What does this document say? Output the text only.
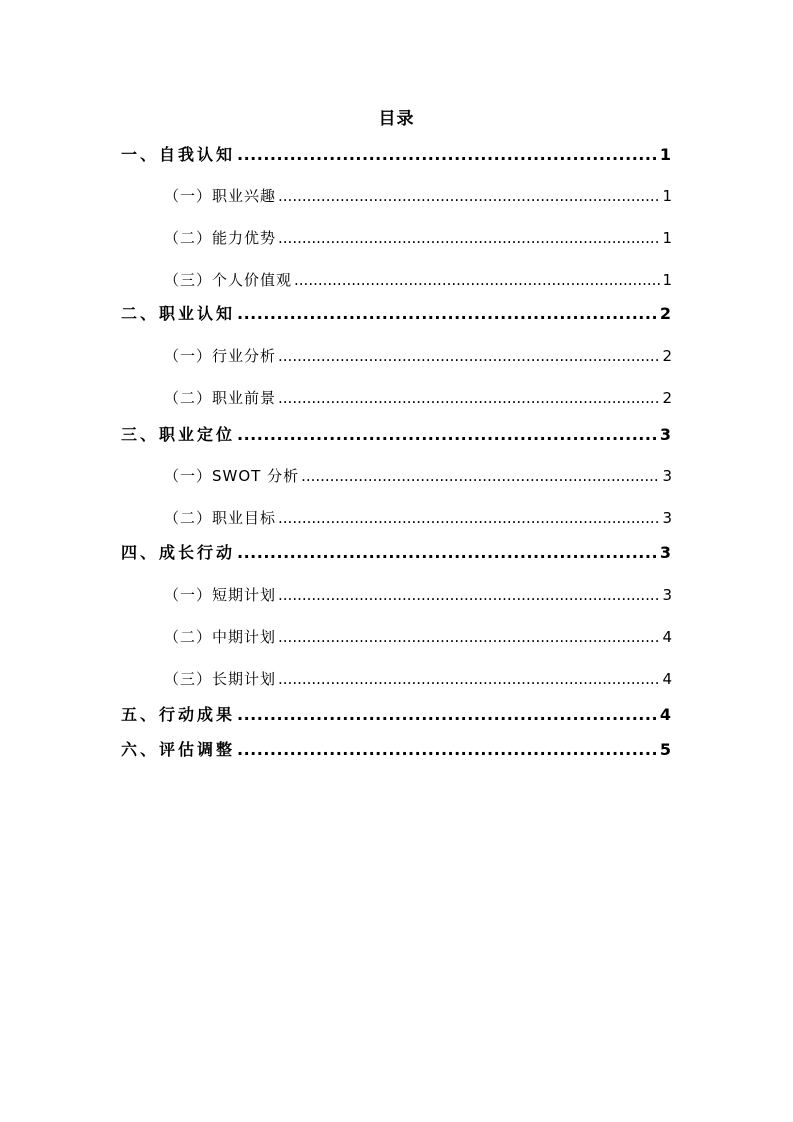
目录
一、自我认知 .....	1
（一）职业兴趣 .....	1
（二）能力优势 .....	1
（三）个人价值观 .....	1
二、职业认知 .....	2
（一）行业分析 .....	2
（二）职业前景 .....	2
三、职业定位 .....	3
（一）SWOT 分析 .....	3
（二）职业目标 .....	3
四、成长行动 .....	3
（一）短期计划 .....	3
（二）中期计划 .....	4
（三）长期计划 .....	4
五、行动成果 .....	4
六、评估调整 .....	5
